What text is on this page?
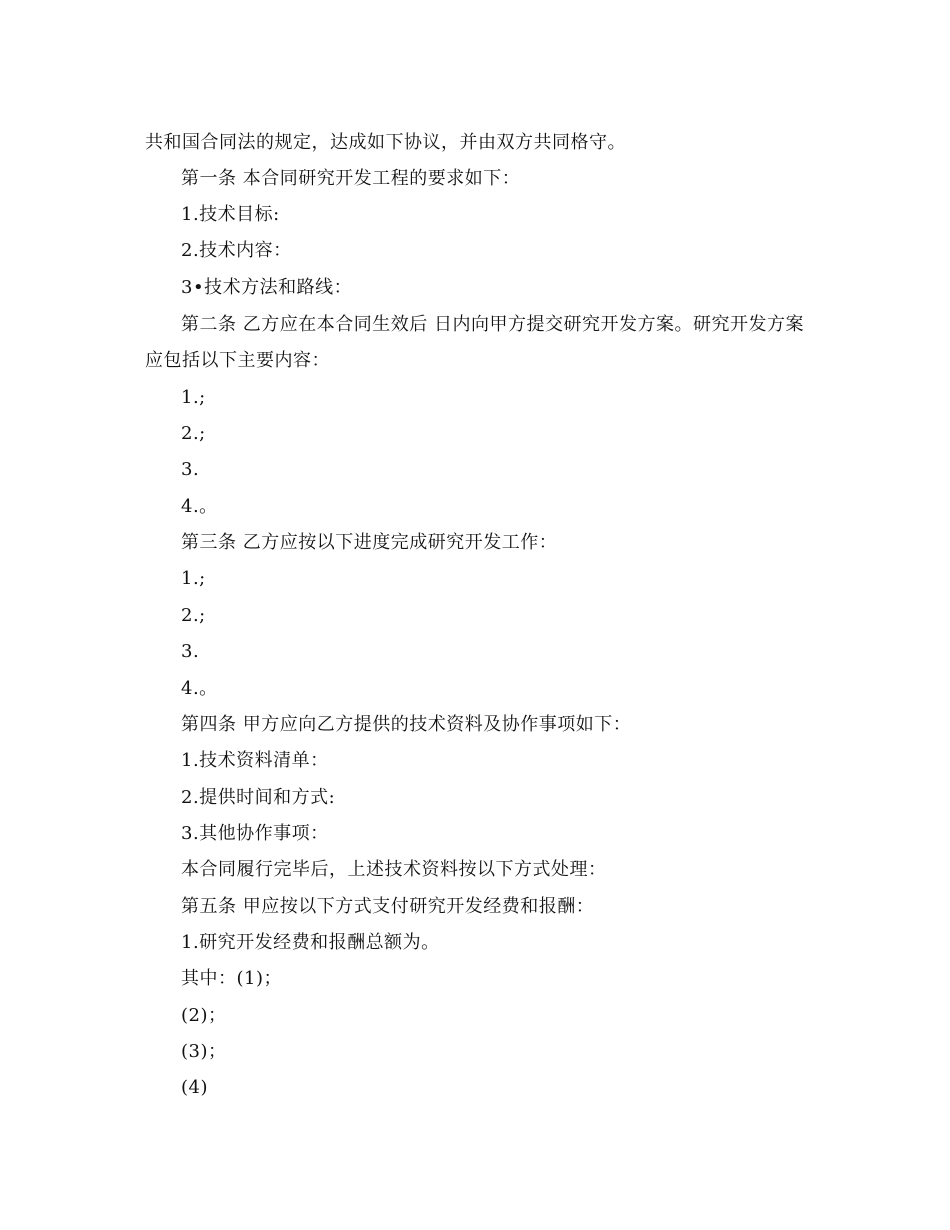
共和国合同法的规定，达成如下协议，并由双方共同格守。
第一条 本合同研究开发工程的要求如下：
1.技术目标:
2.技术内容：
3•技术方法和路线：
第二条 乙方应在本合同生效后 日内向甲方提交研究开发方案。研究开发方案
应包括以下主要内容：
1.;
2.;
3.
4.。
第三条 乙方应按以下进度完成研究开发工作：
1.;
2.;
3.
4.。
第四条 甲方应向乙方提供的技术资料及协作事项如下：
1.技术资料清单：
2.提供时间和方式:
3.其他协作事项：
本合同履行完毕后，上述技术资料按以下方式处理：
第五条 甲应按以下方式支付研究开发经费和报酬：
1.研究开发经费和报酬总额为。
其中：(1)；
(2)；
(3)；
(4)
